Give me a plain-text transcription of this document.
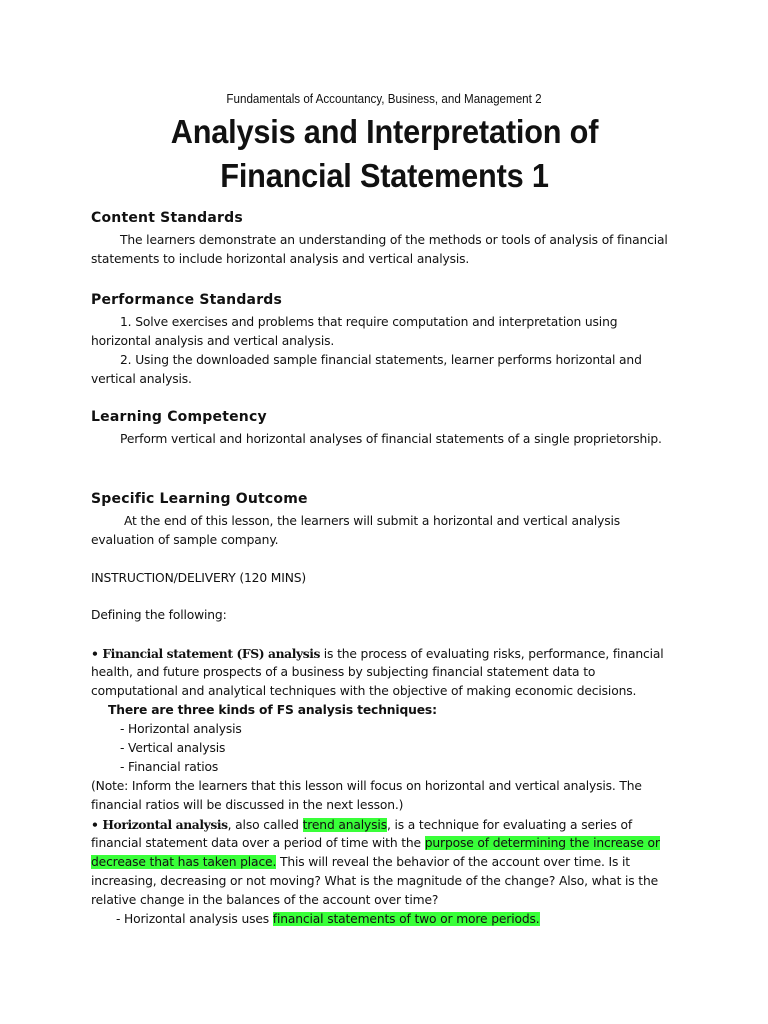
Fundamentals of Accountancy, Business, and Management 2
Analysis and Interpretation of
Financial Statements 1
Content Standards
The learners demonstrate an understanding of the methods or tools of analysis of financial
statements to include horizontal analysis and vertical analysis.
Performance Standards
1. Solve exercises and problems that require computation and interpretation using
horizontal analysis and vertical analysis.
2. Using the downloaded sample financial statements, learner performs horizontal and
vertical analysis.
Learning Competency
Perform vertical and horizontal analyses of financial statements of a single proprietorship.
Specific Learning Outcome
At the end of this lesson, the learners will submit a horizontal and vertical analysis
evaluation of sample company.
INSTRUCTION/DELIVERY (120 MINS)
Defining the following:
• Financial statement (FS) analysis is the process of evaluating risks, performance, financial
health, and future prospects of a business by subjecting financial statement data to
computational and analytical techniques with the objective of making economic decisions.
There are three kinds of FS analysis techniques:
- Horizontal analysis
- Vertical analysis
- Financial ratios
(Note: Inform the learners that this lesson will focus on horizontal and vertical analysis. The
financial ratios will be discussed in the next lesson.)
• Horizontal analysis, also called trend analysis, is a technique for evaluating a series of
financial statement data over a period of time with the purpose of determining the increase or
decrease that has taken place. This will reveal the behavior of the account over time. Is it
increasing, decreasing or not moving? What is the magnitude of the change? Also, what is the
relative change in the balances of the account over time?
- Horizontal analysis uses financial statements of two or more periods.
